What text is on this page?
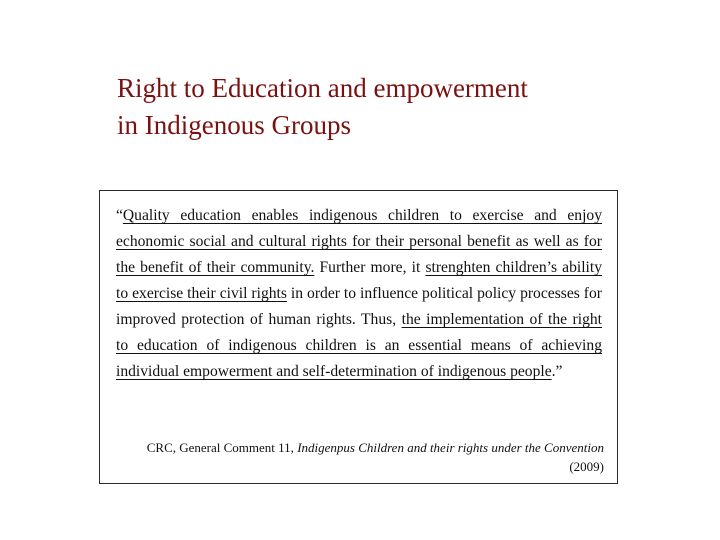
Right to Education and empowerment
in Indigenous Groups

“Quality education enables indigenous children to exercise and enjoy echonomic social and cultural rights for their personal benefit as well as for the benefit of their community. Further more, it strenghten children’s ability to exercise their civil rights in order to influence political policy processes for improved protection of human rights. Thus, the implementation of the right to education of indigenous children is an essential means of achieving individual empowerment and self-determination of indigenous people.”

CRC, General Comment 11, Indigenpus Children and their rights under the Convention (2009)
